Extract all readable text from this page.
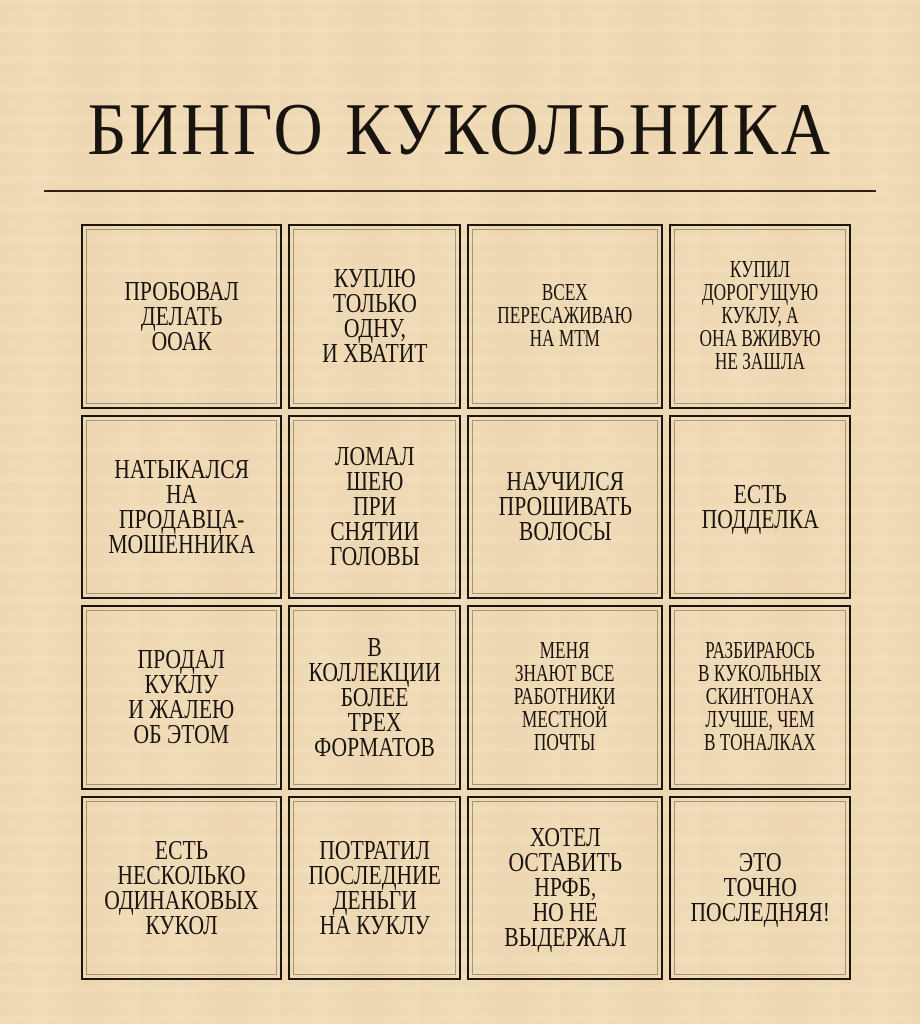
БИНГО КУКОЛЬНИКА
ПРОБОВАЛ
ДЕЛАТЬ
ООАК
КУПЛЮ
ТОЛЬКО
ОДНУ,
И ХВАТИТ
ВСЕХ
ПЕРЕСАЖИВАЮ
НА МТМ
КУПИЛ
ДОРОГУЩУЮ
КУКЛУ, А
ОНА ВЖИВУЮ
НЕ ЗАШЛА
НАТЫКАЛСЯ
НА
ПРОДАВЦА-
МОШЕННИКА
ЛОМАЛ
ШЕЮ
ПРИ СНЯТИИ
ГОЛОВЫ
НАУЧИЛСЯ
ПРОШИВАТЬ
ВОЛОСЫ
ЕСТЬ
ПОДДЕЛКА
ПРОДАЛ
КУКЛУ
И ЖАЛЕЮ
ОБ ЭТОМ
В
КОЛЛЕКЦИИ
БОЛЕЕ
ТРЕХ
ФОРМАТОВ
МЕНЯ
ЗНАЮТ ВСЕ
РАБОТНИКИ
МЕСТНОЙ
ПОЧТЫ
РАЗБИРАЮСЬ
В КУКОЛЬНЫХ
СКИНТОНАХ
ЛУЧШЕ, ЧЕМ
В ТОНАЛКАХ
ЕСТЬ
НЕСКОЛЬКО
ОДИНАКОВЫХ
КУКОЛ
ПОТРАТИЛ
ПОСЛЕДНИЕ
ДЕНЬГИ
НА КУКЛУ
ХОТЕЛ
ОСТАВИТЬ
НРФБ,
НО НЕ
ВЫДЕРЖАЛ
ЭТО
ТОЧНО
ПОСЛЕДНЯЯ!
